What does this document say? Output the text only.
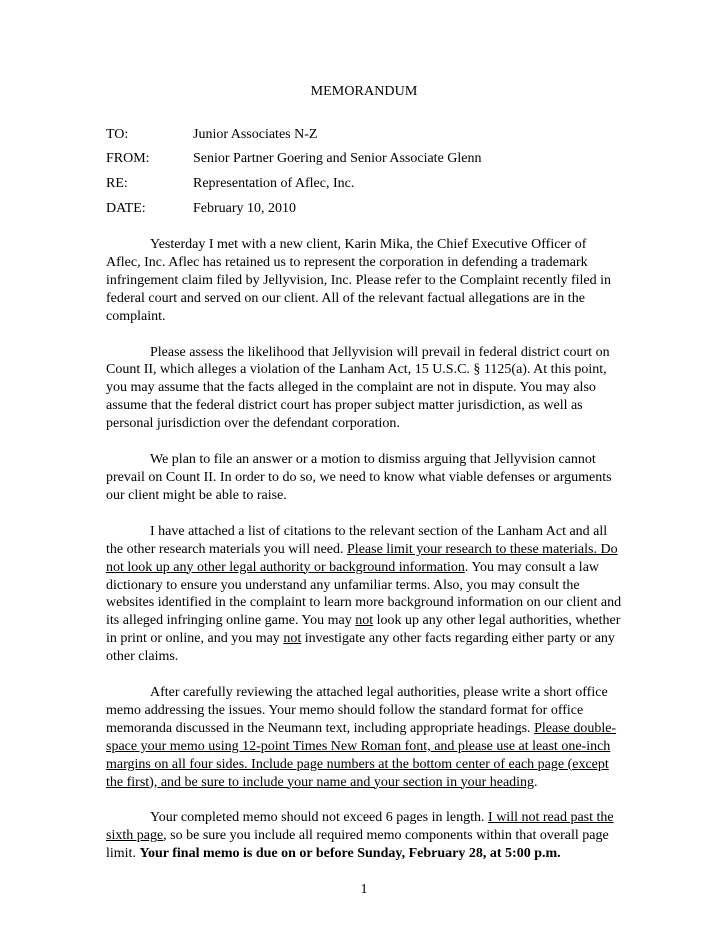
MEMORANDUM
TO:	Junior Associates N-Z
FROM:	Senior Partner Goering and Senior Associate Glenn
RE:	Representation of Aflec, Inc.
DATE:	February 10, 2010

Yesterday I met with a new client, Karin Mika, the Chief Executive Officer of Aflec, Inc. Aflec has retained us to represent the corporation in defending a trademark infringement claim filed by Jellyvision, Inc. Please refer to the Complaint recently filed in federal court and served on our client. All of the relevant factual allegations are in the complaint.

Please assess the likelihood that Jellyvision will prevail in federal district court on Count II, which alleges a violation of the Lanham Act, 15 U.S.C. § 1125(a). At this point, you may assume that the facts alleged in the complaint are not in dispute. You may also assume that the federal district court has proper subject matter jurisdiction, as well as personal jurisdiction over the defendant corporation.

We plan to file an answer or a motion to dismiss arguing that Jellyvision cannot prevail on Count II. In order to do so, we need to know what viable defenses or arguments our client might be able to raise.

I have attached a list of citations to the relevant section of the Lanham Act and all the other research materials you will need. Please limit your research to these materials. Do not look up any other legal authority or background information. You may consult a law dictionary to ensure you understand any unfamiliar terms. Also, you may consult the websites identified in the complaint to learn more background information on our client and its alleged infringing online game. You may not look up any other legal authorities, whether in print or online, and you may not investigate any other facts regarding either party or any other claims.

After carefully reviewing the attached legal authorities, please write a short office memo addressing the issues. Your memo should follow the standard format for office memoranda discussed in the Neumann text, including appropriate headings. Please double-space your memo using 12-point Times New Roman font, and please use at least one-inch margins on all four sides. Include page numbers at the bottom center of each page (except the first), and be sure to include your name and your section in your heading.

Your completed memo should not exceed 6 pages in length. I will not read past the sixth page, so be sure you include all required memo components within that overall page limit. Your final memo is due on or before Sunday, February 28, at 5:00 p.m.

1
